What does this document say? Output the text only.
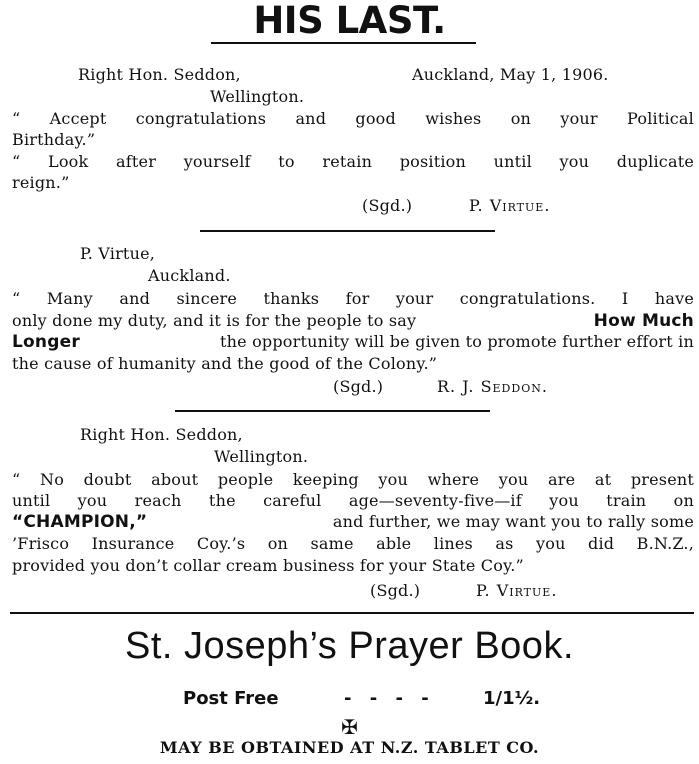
HIS LAST.
Right Hon. Seddon,	Auckland, May 1, 1906.
Wellington.
“ Accept congratulations and good wishes on your Political
Birthday.”
“ Look after yourself to retain position until you duplicate
reign.”
(Sgd.)	P. Virtue.
P. Virtue,
Auckland.
“ Many and sincere thanks for your congratulations. I have
only done my duty, and it is for the people to say	How Much
Longer	the opportunity will be given to promote further effort in
the cause of humanity and the good of the Colony.”
(Sgd.)	R. J. Seddon.
Right Hon. Seddon,
Wellington.
“ No doubt about people keeping you where you are at present
until you reach the careful age—seventy-five—if you train on
“CHAMPION,”	and further, we may want you to rally some
’Frisco Insurance Coy.’s on same able lines as you did B.N.Z.,
provided you don’t collar cream business for your State Coy.”
(Sgd.)	P. Virtue.
St. Joseph’s Prayer Book.
Post Free	- - - -	1/1½.
✠
MAY BE OBTAINED AT N.Z. TABLET CO.
